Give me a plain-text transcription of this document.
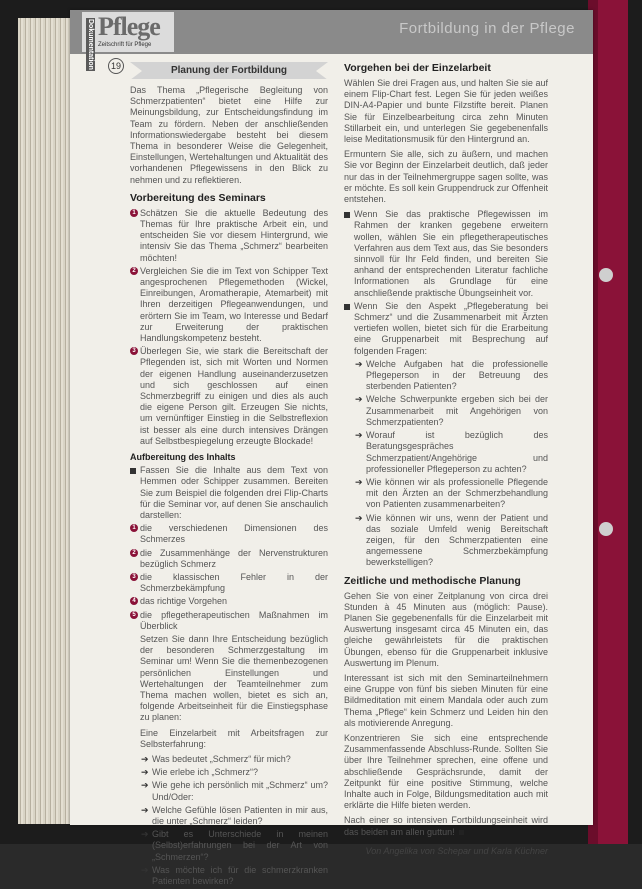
Dokumentation Pflege
Zeitschrift für Pflege
Fortbildung in der Pflege
19	Planung der Fortbildung

Das Thema „Pflegerische Begleitung von Schmerzpatienten“ bietet eine Hilfe zur Meinungsbildung, zur Entscheidungsfindung im Team zu fördern. Neben der anschließenden Informationswiedergabe besteht bei diesem Thema in besonderer Weise die Gelegenheit, Einstellungen, Wertehaltungen und Aktualität des vorhandenen Pflegewissens in den Blick zu nehmen und zu reflektieren.

Vorbereitung des Seminars
1 Schätzen Sie die aktuelle Bedeutung des Themas für Ihre praktische Arbeit ein, und entscheiden Sie vor diesem Hintergrund, wie intensiv Sie das Thema „Schmerz“ bearbeiten möchten!
2 Vergleichen Sie die im Text von Schipper Text angesprochenen Pflegemethoden (Wickel, Einreibungen, Aromatherapie, Atemarbeit) mit Ihren derzeitigen Pflegeanwendungen, und erörtern Sie im Team, wo Interesse und Bedarf zur Erweiterung der praktischen Handlungskompetenz besteht.
3 Überlegen Sie, wie stark die Bereitschaft der Pflegenden ist, sich mit Worten und Normen der eigenen Handlung auseinanderzusetzen und sich geschlossen auf einen Schmerzbegriff zu einigen und dies als auch die eigene Person gilt. Erzeugen Sie nichts, um vernünftiger Einstieg in die Selbstreflexion ist besser als eine durch intensives Drängen auf Selbstbespiegelung erzeugte Blockade!
Aufbereitung des Inhalts
Fassen Sie die Inhalte aus dem Text von Hemmen oder Schipper zusammen. Bereiten Sie zum Beispiel die folgenden drei Flip-Charts für die Seminar vor, auf denen Sie anschaulich darstellen:
1 die verschiedenen Dimensionen des Schmerzes
2 die Zusammenhänge der Nervenstrukturen bezüglich Schmerz
3 die klassischen Fehler in der Schmerzbekämpfung
4 das richtige Vorgehen
5 die pflegetherapeutischen Maßnahmen im Überblick

Setzen Sie dann Ihre Entscheidung bezüglich der besonderen Schmerzgestaltung im Seminar um! Wenn Sie die themenbezogenen persönlichen Einstellungen und Wertehaltungen der Teamteilnehmer zum Thema machen wollen, bietet es sich an, folgende Arbeitseinheit für die Einstiegsphase zu planen:

Eine Einzelarbeit mit Arbeitsfragen zur Selbsterfahrung:

➔ Was bedeutet „Schmerz“ für mich?
➔ Wie erlebe ich „Schmerz“?
➔ Wie gehe ich persönlich mit „Schmerz“ um? Und/Oder:
➔ Welche Gefühle lösen Patienten in mir aus, die unter „Schmerz“ leiden?
➔ Gibt es Unterschiede in meinen (Selbst)erfahrungen bei der Art von „Schmerzen“?
➔ Was möchte ich für die schmerzkranken Patienten bewirken?
Vorgehen bei der Einzelarbeit

Wählen Sie drei Fragen aus, und halten Sie sie auf einem Flip-Chart fest. Legen Sie für jeden weißes DIN-A4-Papier und bunte Filzstifte bereit. Planen Sie für Einzelbearbeitung circa zehn Minuten Stillarbeit ein, und unterlegen Sie gegebenenfalls leise Meditationsmusik für den Hintergrund an.

Ermuntern Sie alle, sich zu äußern, und machen Sie vor Beginn der Einzelarbeit deutlich, daß jeder nur das in der Teilnehmergruppe sagen sollte, was er möchte. Es soll kein Gruppendruck zur Offenheit entstehen.

Wenn Sie das praktische Pflegewissen im Rahmen der kranken gegebene erweitern wollen, wählen Sie ein pflegetherapeutisches Verfahren aus dem Text aus, das Sie besonders sinnvoll für Ihr Feld finden, und bereiten Sie anhand der entsprechenden Literatur fachliche Informationen als Grundlage für eine anschließende praktische Übungseinheit vor.
Wenn Sie den Aspekt „Pflegeberatung bei Schmerz“ und die Zusammenarbeit mit Ärzten vertiefen wollen, bietet sich für die Erarbeitung eine Gruppenarbeit mit Besprechung auf folgenden Fragen:
➔ Welche Aufgaben hat die professionelle Pflegeperson in der Betreuung des sterbenden Patienten?
➔ Welche Schwerpunkte ergeben sich bei der Zusammenarbeit mit Angehörigen von Schmerzpatienten?
➔ Worauf ist bezüglich des Beratungsgespräches Schmerzpatient/Angehörige und professioneller Pflegeperson zu achten?
➔ Wie können wir als professionelle Pflegende mit den Ärzten an der Schmerzbehandlung von Patienten zusammenarbeiten?
➔ Wie können wir uns, wenn der Patient und das soziale Umfeld wenig Bereitschaft zeigen, für den Schmerzpatienten eine angemessene Schmerzbekämpfung bewerkstelligen?
Zeitliche und methodische Planung

Gehen Sie von einer Zeitplanung von circa drei Stunden à 45 Minuten aus (möglich: Pause). Planen Sie gegebenenfalls für die Einzelarbeit mit Auswertung insgesamt circa 45 Minuten ein, das gleiche gewährleistets für die praktischen Übungen, ebenso für die Gruppenarbeit inklusive Auswertung im Plenum.

Interessant ist sich mit den Seminarteilnehmern eine Gruppe von fünf bis sieben Minuten für eine Bildmeditation mit einem Mandala oder auch zum Thema „Pflege“ kein Schmerz und Leiden hin den als motivierende Anregung.

Konzentrieren Sie sich eine entsprechende Zusammenfassende Abschluss-Runde. Sollten Sie über Ihre Teilnehmer sprechen, eine offene und abschließende Gesprächsrunde, damit der Zeitpunkt für eine positive Stimmung, welche Inhalte auch in Folge, Bildungsmeditation auch mit erklärte die Hilfe bieten werden.

Nach einer so intensiven Fortbildungseinheit wird das beiden am allen guttun!

Von Angelika von Schepar und Karla Küchner
